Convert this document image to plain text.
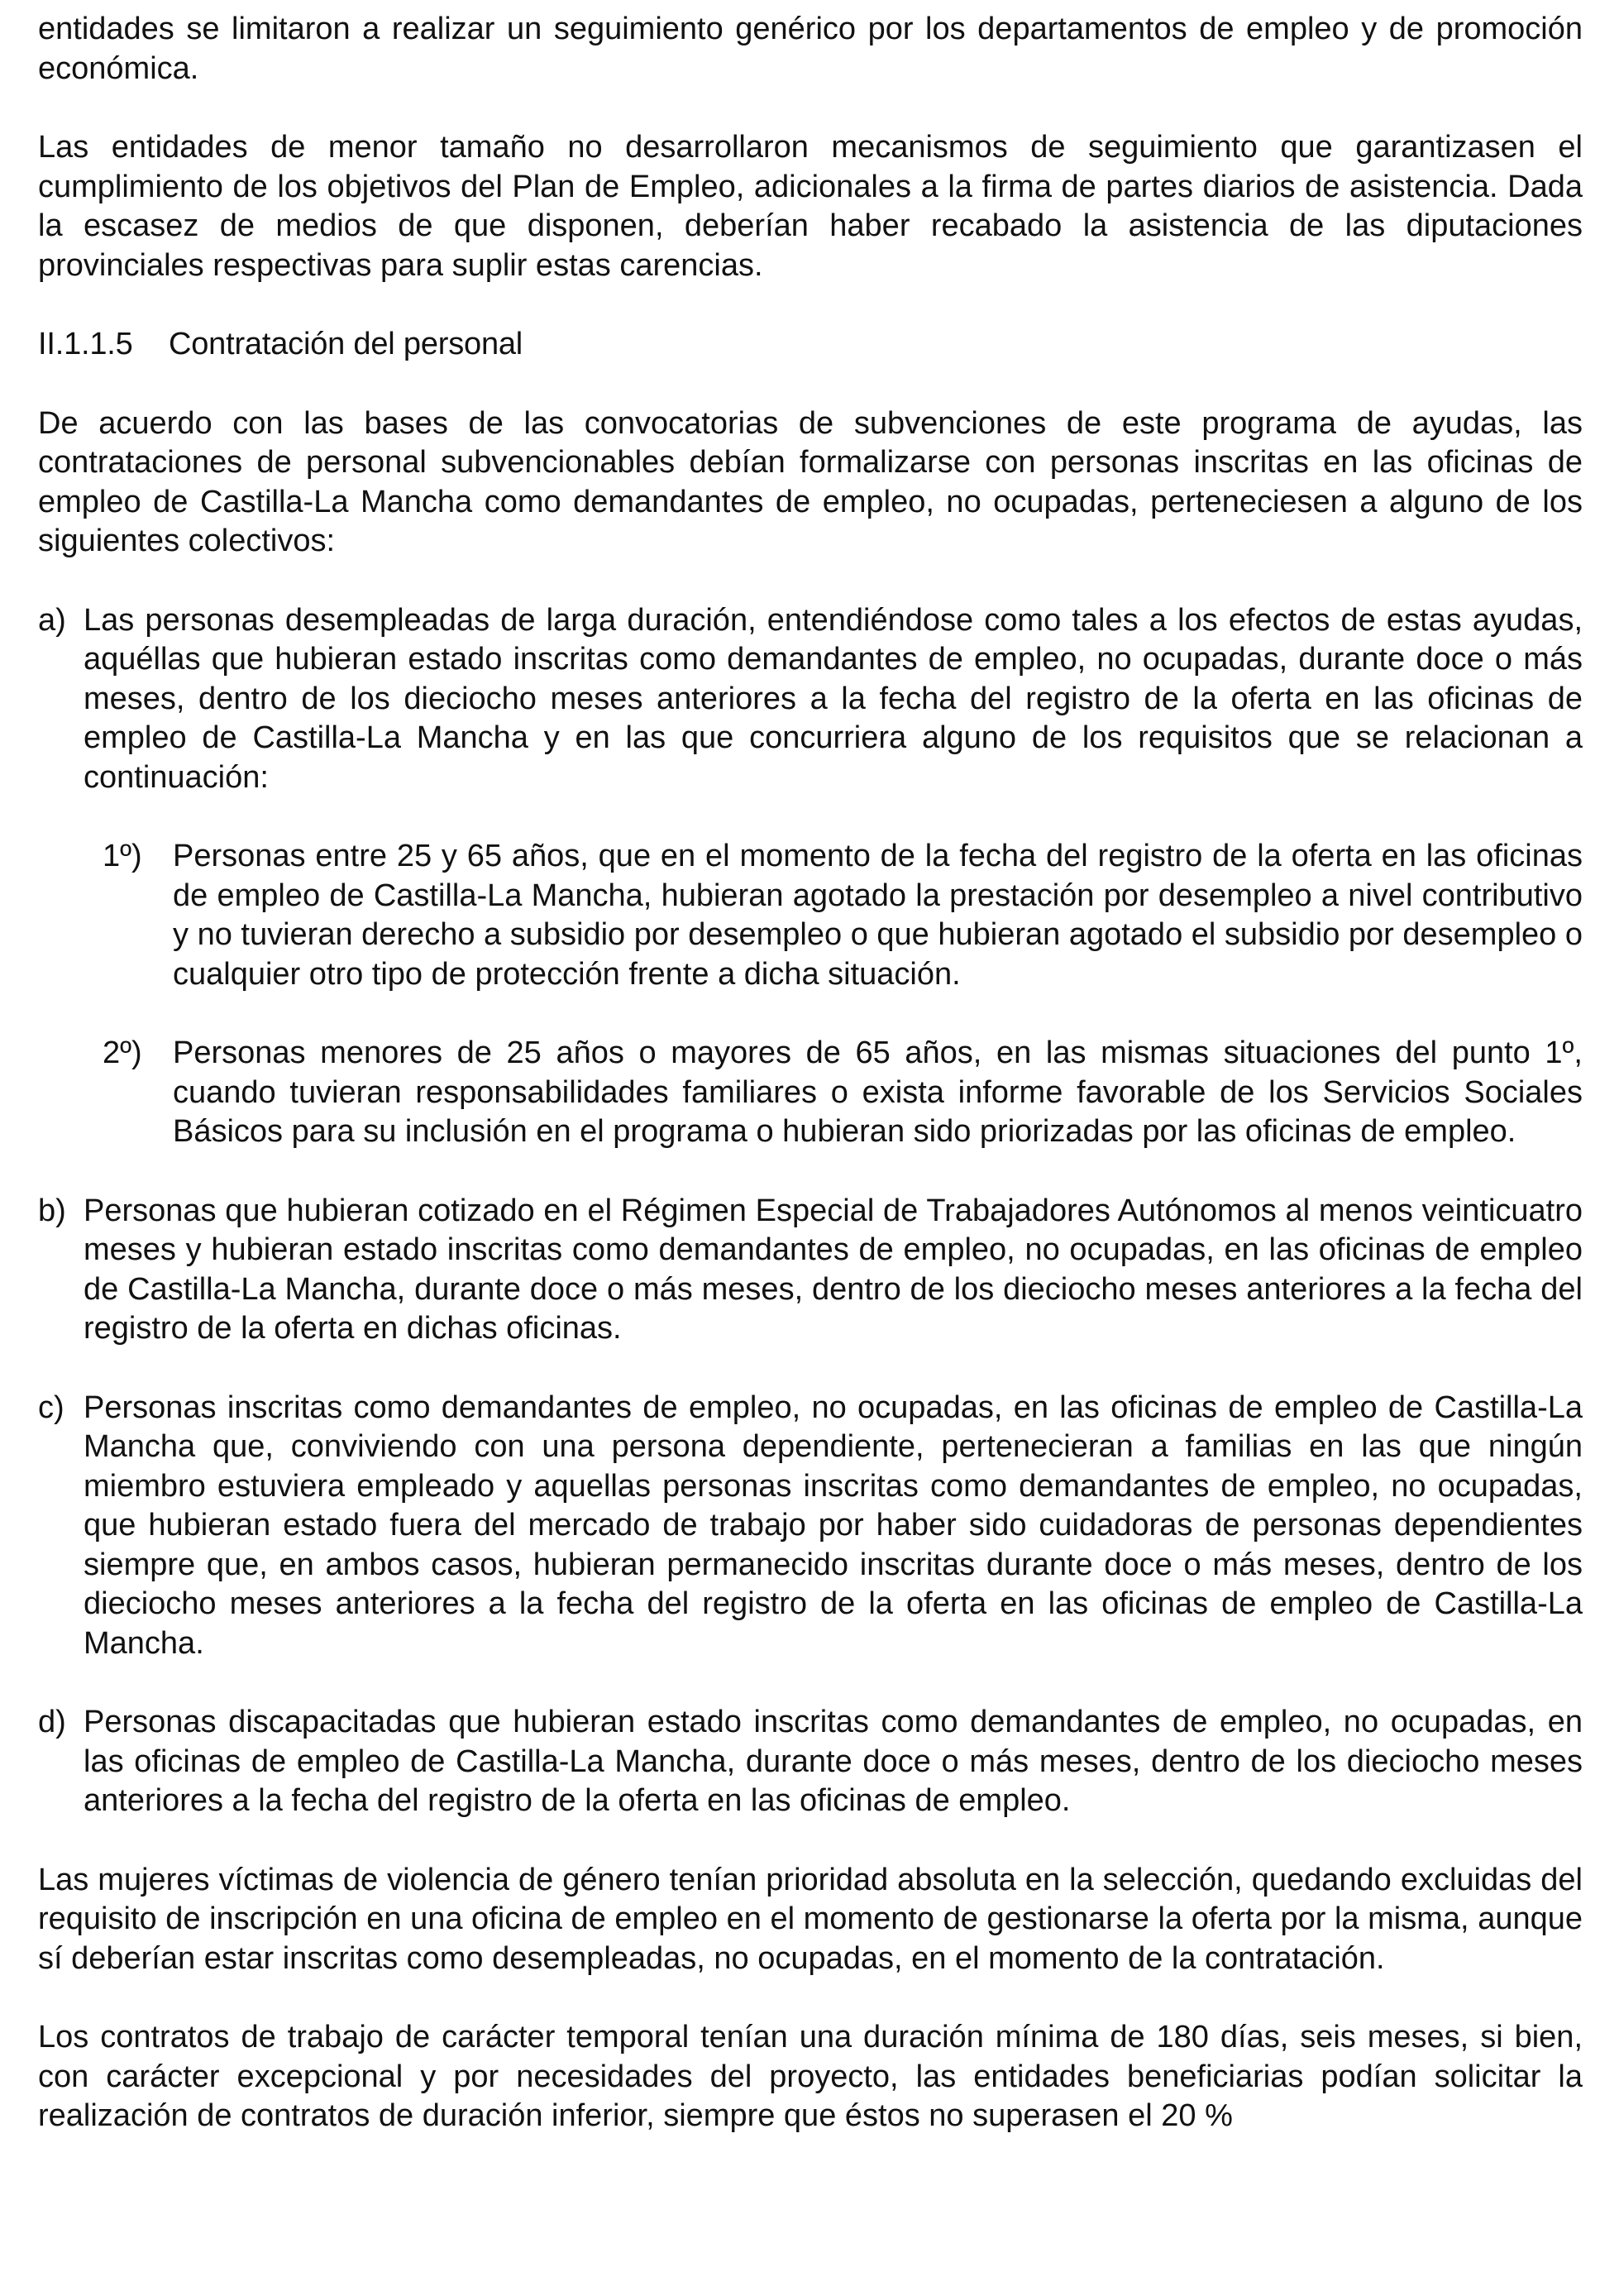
entidades se limitaron a realizar un seguimiento genérico por los departamentos de empleo y de promoción económica.

Las entidades de menor tamaño no desarrollaron mecanismos de seguimiento que garantizasen el cumplimiento de los objetivos del Plan de Empleo, adicionales a la firma de partes diarios de asistencia. Dada la escasez de medios de que disponen, deberían haber recabado la asistencia de las diputaciones provinciales respectivas para suplir estas carencias.

II.1.1.5 Contratación del personal

De acuerdo con las bases de las convocatorias de subvenciones de este programa de ayudas, las contrataciones de personal subvencionables debían formalizarse con personas inscritas en las oficinas de empleo de Castilla-La Mancha como demandantes de empleo, no ocupadas, perteneciesen a alguno de los siguientes colectivos:

a) Las personas desempleadas de larga duración, entendiéndose como tales a los efectos de estas ayudas, aquéllas que hubieran estado inscritas como demandantes de empleo, no ocupadas, durante doce o más meses, dentro de los dieciocho meses anteriores a la fecha del registro de la oferta en las oficinas de empleo de Castilla-La Mancha y en las que concurriera alguno de los requisitos que se relacionan a continuación:
1º) Personas entre 25 y 65 años, que en el momento de la fecha del registro de la oferta en las oficinas de empleo de Castilla-La Mancha, hubieran agotado la prestación por desempleo a nivel contributivo y no tuvieran derecho a subsidio por desempleo o que hubieran agotado el subsidio por desempleo o cualquier otro tipo de protección frente a dicha situación.
2º) Personas menores de 25 años o mayores de 65 años, en las mismas situaciones del punto 1º, cuando tuvieran responsabilidades familiares o exista informe favorable de los Servicios Sociales Básicos para su inclusión en el programa o hubieran sido priorizadas por las oficinas de empleo.
b) Personas que hubieran cotizado en el Régimen Especial de Trabajadores Autónomos al menos veinticuatro meses y hubieran estado inscritas como demandantes de empleo, no ocupadas, en las oficinas de empleo de Castilla-La Mancha, durante doce o más meses, dentro de los dieciocho meses anteriores a la fecha del registro de la oferta en dichas oficinas.
c) Personas inscritas como demandantes de empleo, no ocupadas, en las oficinas de empleo de Castilla-La Mancha que, conviviendo con una persona dependiente, pertenecieran a familias en las que ningún miembro estuviera empleado y aquellas personas inscritas como demandantes de empleo, no ocupadas, que hubieran estado fuera del mercado de trabajo por haber sido cuidadoras de personas dependientes siempre que, en ambos casos, hubieran permanecido inscritas durante doce o más meses, dentro de los dieciocho meses anteriores a la fecha del registro de la oferta en las oficinas de empleo de Castilla-La Mancha.
d) Personas discapacitadas que hubieran estado inscritas como demandantes de empleo, no ocupadas, en las oficinas de empleo de Castilla-La Mancha, durante doce o más meses, dentro de los dieciocho meses anteriores a la fecha del registro de la oferta en las oficinas de empleo.

Las mujeres víctimas de violencia de género tenían prioridad absoluta en la selección, quedando excluidas del requisito de inscripción en una oficina de empleo en el momento de gestionarse la oferta por la misma, aunque sí deberían estar inscritas como desempleadas, no ocupadas, en el momento de la contratación.

Los contratos de trabajo de carácter temporal tenían una duración mínima de 180 días, seis meses, si bien, con carácter excepcional y por necesidades del proyecto, las entidades beneficiarias podían solicitar la realización de contratos de duración inferior, siempre que éstos no superasen el 20 %
